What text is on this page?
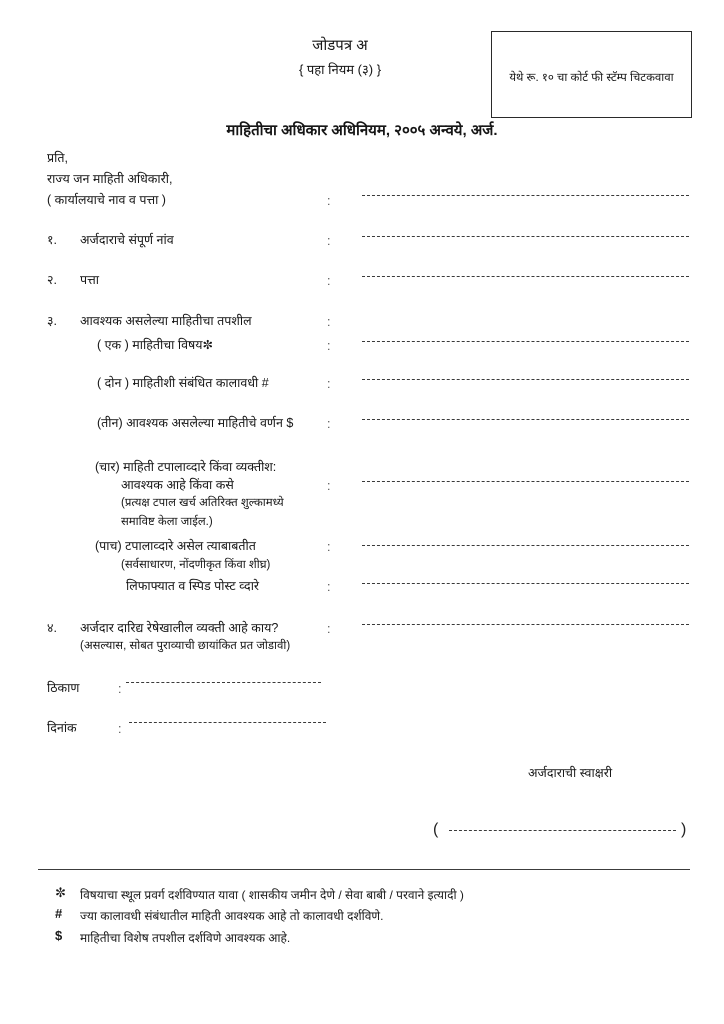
जोडपत्र अ
{ पहा नियम (३) }
येथे रू. १० चा कोर्ट फी स्टॅम्प चिटकवावा
माहितीचा अधिकार अधिनियम, २००५ अन्वये, अर्ज.
प्रति,
राज्य जन माहिती अधिकारी,
( कार्यालयाचे नाव व पत्ता )	:
१. अर्जदाराचे संपूर्ण नांव	:
२. पत्ता	:
३. आवश्यक असलेल्या माहितीचा तपशील	:
( एक ) माहितीचा विषय✼	:
( दोन ) माहितीशी संबंधित कालावधी #	:
(तीन) आवश्यक असलेल्या माहितीचे वर्णन $	:
(चार) माहिती टपालाव्दारे किंवा व्यक्तीश:
आवश्यक आहे किंवा कसे	:
(प्रत्यक्ष टपाल खर्च अतिरिक्त शुल्कामध्ये
समाविष्ट केला जाईल.)
(पाच) टपालाव्दारे असेल त्याबाबतीत	:
(सर्वसाधारण, नोंदणीकृत किंवा शीघ्र)
लिफाफ्यात व स्पिड पोस्ट व्दारे	:
४. अर्जदार दारिद्य रेषेखालील व्यक्ती आहे काय?	:
(असल्यास, सोबत पुराव्याची छायांकित प्रत जोडावी)
ठिकाण	:
दिनांक	:
अर्जदाराची स्वाक्षरी
(	)
✼ विषयाचा स्थूल प्रवर्ग दर्शविण्यात यावा ( शासकीय जमीन देणे / सेवा बाबी / परवाने इत्यादी )
# ज्या कालावधी संबंधातील माहिती आवश्यक आहे तो कालावधी दर्शविणे.
$ माहितीचा विशेष तपशील दर्शविणे आवश्यक आहे.
